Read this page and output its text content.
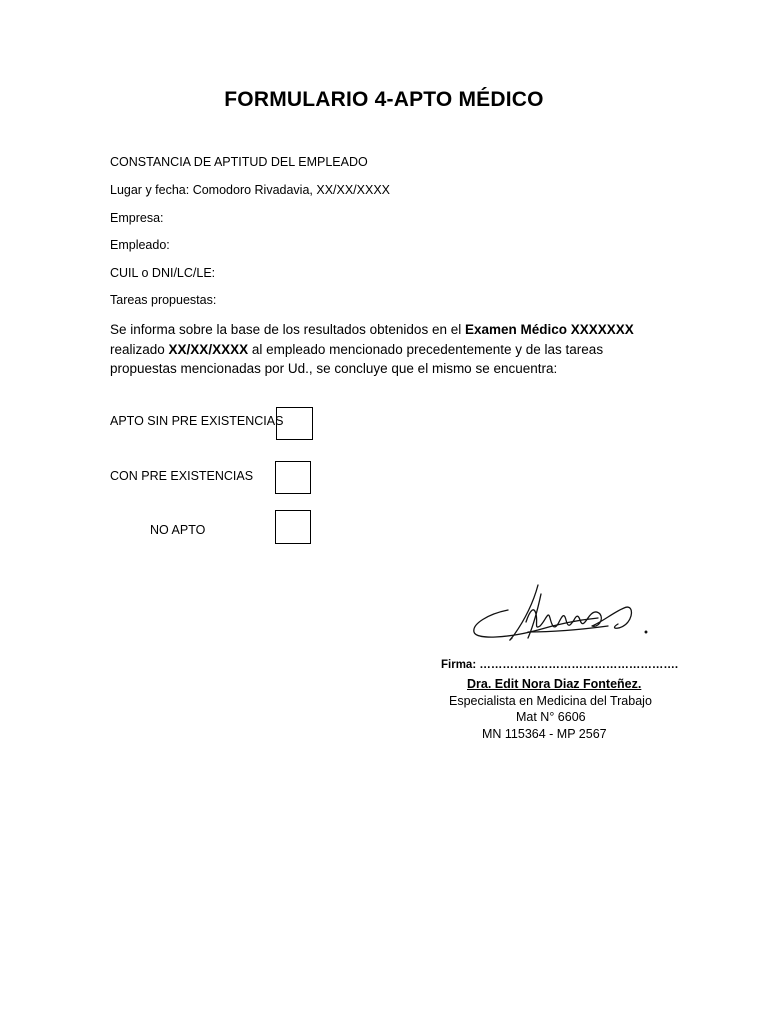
FORMULARIO 4-APTO MÉDICO
CONSTANCIA DE APTITUD DEL EMPLEADO
Lugar y fecha: Comodoro Rivadavia, XX/XX/XXXX
Empresa:
Empleado:
CUIL o DNI/LC/LE:
Tareas propuestas:
Se informa sobre la base de los resultados obtenidos en el Examen Médico XXXXXXX realizado XX/XX/XXXX al empleado mencionado precedentemente y de las tareas propuestas mencionadas por Ud., se concluye que el mismo se encuentra:
APTO SIN PRE EXISTENCIAS
CON PRE EXISTENCIAS
NO APTO
Firma: …………………………………………….
Dra. Edit Nora Diaz Fonteñez.
Especialista en Medicina del Trabajo
Mat N° 6606
MN 115364 - MP 2567
